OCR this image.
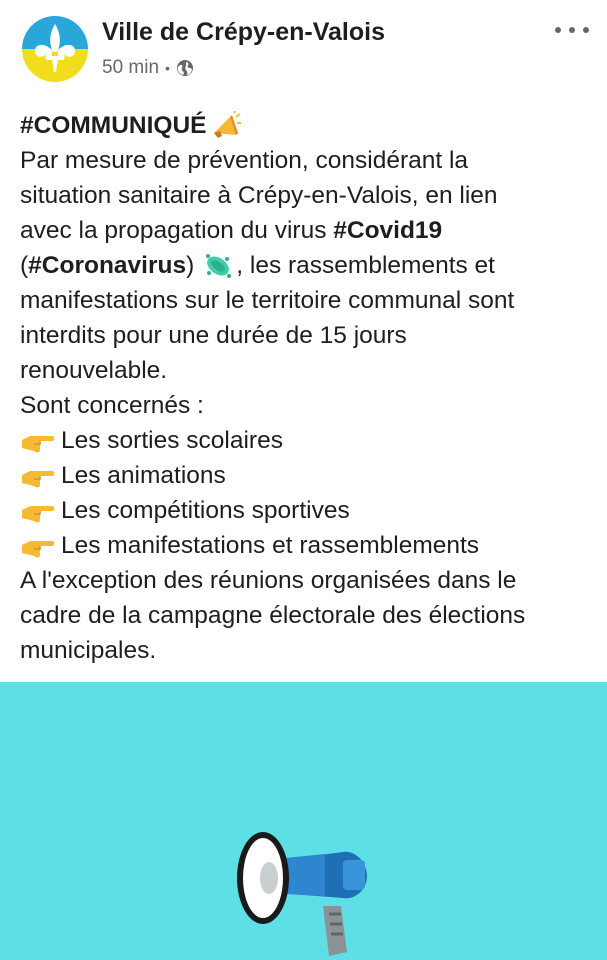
Ville de Crépy-en-Valois
50 min •
#COMMUNIQUÉ
Par mesure de prévention, considérant la
situation sanitaire à Crépy-en-Valois, en lien
avec la propagation du virus #Covid19
( #Coronavirus ) , les rassemblements et
manifestations sur le territoire communal sont
interdits pour une durée de 15 jours
renouvelable.
Sont concernés :
Les sorties scolaires
Les animations
Les compétitions sportives
Les manifestations et rassemblements
A l'exception des réunions organisées dans le
cadre de la campagne électorale des élections
municipales.
